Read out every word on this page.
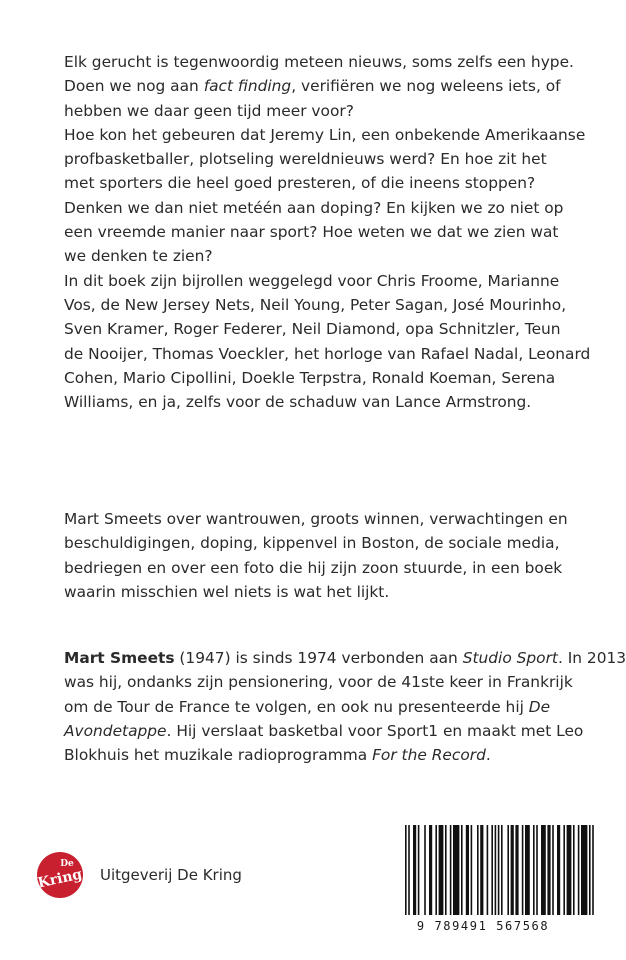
Elk gerucht is tegenwoordig meteen nieuws, soms zelfs een hype.
Doen we nog aan fact finding, verifiëren we nog weleens iets, of
hebben we daar geen tijd meer voor?
Hoe kon het gebeuren dat Jeremy Lin, een onbekende Amerikaanse
profbasketballer, plotseling wereldnieuws werd? En hoe zit het
met sporters die heel goed presteren, of die ineens stoppen?
Denken we dan niet metéén aan doping? En kijken we zo niet op
een vreemde manier naar sport? Hoe weten we dat we zien wat
we denken te zien?
In dit boek zijn bijrollen weggelegd voor Chris Froome, Marianne
Vos, de New Jersey Nets, Neil Young, Peter Sagan, José Mourinho,
Sven Kramer, Roger Federer, Neil Diamond, opa Schnitzler, Teun
de Nooijer, Thomas Voeckler, het horloge van Rafael Nadal, Leonard
Cohen, Mario Cipollini, Doekle Terpstra, Ronald Koeman, Serena
Williams, en ja, zelfs voor de schaduw van Lance Armstrong.
Mart Smeets over wantrouwen, groots winnen, verwachtingen en
beschuldigingen, doping, kippenvel in Boston, de sociale media,
bedriegen en over een foto die hij zijn zoon stuurde, in een boek
waarin misschien wel niets is wat het lijkt.
Mart Smeets (1947) is sinds 1974 verbonden aan Studio Sport. In 2013
was hij, ondanks zijn pensionering, voor de 41ste keer in Frankrijk
om de Tour de France te volgen, en ook nu presenteerde hij De
Avondetappe. Hij verslaat basketbal voor Sport1 en maakt met Leo
Blokhuis het muzikale radioprogramma For the Record.
De
Kring Uitgeverij De Kring
9 789491 567568
